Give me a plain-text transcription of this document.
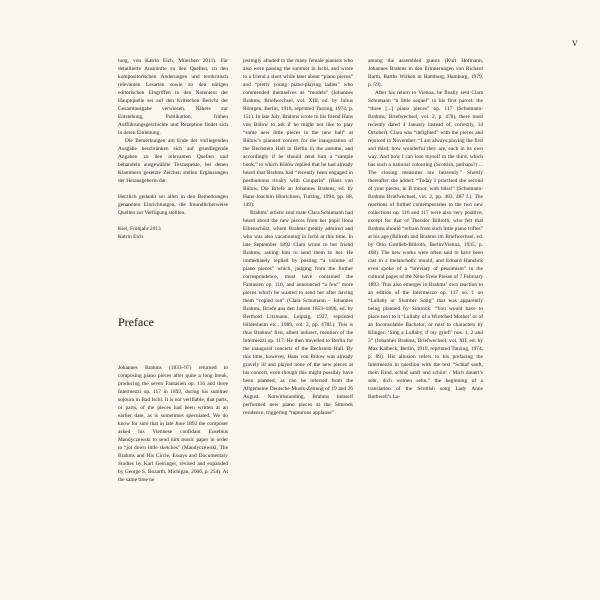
V

lung, von Katrin Eich, München 2011). Für detaillierte Auskünfte zu den Quellen, zu den kompositorischen Änderungen und textkritisch relevanten Lesarten sowie zu den nötigen editorischen Eingriffen in den Notentext der Hauptquelle sei auf den Kritischen Bericht der Gesamtausgabe verwiesen. Nähere zur Entstehung, Publikation, frühen Aufführungsgeschichte und Rezeption findet sich in deren Einleitung.

Die Bemerkungen am Ende der vorliegenden Ausgabe beschränken sich auf grundlegende Angaben zu den relevanten Quellen und behandeln ausgewählte Textaspekte, bei denen Klammern gesetzte Zeichen stellen Ergänzungen der Herausgeberin dar.

Herzlich gedankt sei allen in den Bemerkungen genannten Einrichtungen, die freundlicherweise Quellen zur Verfügung stellten.

Kiel, Frühjahr 2013
Katrin Eich
Preface

Johannes Brahms (1833–97) returned to composing piano pieces after quite a long break, producing the seven Fantasien op. 116 and three Intermezzi op. 117 in 1892, during his summer sojourn in Bad Ischl. It is not verifiable, that parts, or parts, of the pieces had been written at an earlier date, as is sometimes speculated. We do know for sure that in late June 1892 the composer asked his Viennese confidant Eusebius Mandyczewski to send him music paper in order to “jot down little sketches” (Mandyczewski, The Brahms and His Circle, Essays and Documentary Studies by Karl Geiringer, revised and expanded by George S. Bozarth, Michigan, 2006, p. 254). At the same time he

jestingly alluded to the many female pianists who also were passing the summer in Ischl, and wrote to a friend a short while later about “piano pieces” and “pretty young piano-playing ladies” who commended themselves as “models” (Johannes Brahms, Briefwechsel, vol. XIII, ed. by Julius Röntgen, Berlin, 1918, reprinted Tutzing, 1974, p. 151). In late July, Brahms wrote to his friend Hans von Bülow to ask if he might not like to play “some new little pieces in the new hall” at Bülow’s planned concert for the inauguration of the Bechstein Hall in Berlin in the autumn, and accordingly if he should send him a “sample book,” to which Bülow replied that he had already heard that Brahms had “recently been engaged in posthumous rivalry with Couperin” (Hans von Bülow, Die Briefe an Johannes Brahms, ed. by Hans-Joachim Hinrichsen, Tutzing, 1994, pp. 88, 149).

Brahms’ artistic soul mate Clara Schumann had heard about the new pieces from her pupil Ilona Eibenschütz, whom Brahms greatly admired and who was also vacationing in Ischl at this time. In late September 1892 Clara wrote to her friend Brahms, asking him to send them to her. He immediately replied by posting “a volume of piano pieces” which, judging from the further correspondence, must have contained the Fantasien op. 116, and announced “a few” more pieces which he wanted to send her after having them “copied out” (Clara Schumann – Johannes Brahms, Briefe aus den Jahren 1853–1896, ed. by Berthold Litzmann, Leipzig, 1927, reprinted Hildesheim etc., 1989, vol. 2, pp. 478f.). This is thus Brahms’ first, albeit indirect, mention of the Intermezzi op. 117. He then travelled to Berlin for the inaugural concerts of the Bechstein Hall. By this time, however, Hans von Bülow was already gravely ill and played none of the new pieces at his concert, even though this might possibly have been planned, as can be inferred from the Allgemeine Deutsche Musik-Zeitung of 19 and 26 August. Notwithstanding, Brahms himself performed new piano pieces at the Simrock residence, triggering “rapturous applause”

among the assembled guests (Kurt Hofmann, Johannes Brahms in den Erinnerungen von Richard Barth, Barths Wirken in Hamburg, Hamburg, 1979, p. 59).

After his return to Vienna, he finally sent Clara Schumann “a little sequel” to his first parcel: the “three [...] piano pieces” op. 117 (Schumann-Brahms, Briefwechsel, vol. 2, p. 478), there most recently dated 4 January instead of, correctly, 14 October). Clara was “delighted” with the pieces and rejoiced in November: “I am always playing the first and third; how wonderful they are, each in its own way. And how I can lose myself in the third, which has such a national colouring (Scottish, perhaps?) ... The closing measures are heavenly.” Shortly thereafter she added: “Today I practised the second of your pieces, in B minor, with bliss!” (Schumann-Brahms Briefwechsel, vol. 2, pp. 483, 487 f.). The reactions of further contemporaries to the two new collections op. 116 and 117 were also very positive, except for that of Theodor Billroth, who felt that Brahms should “refrain from such little piano trifles” at his age (Billroth and Brahms im Briefwechsel, ed. by Otto Gottlieb-Billroth, Berlin/Vienna, 1935, p. 468). The new works were often said to have been cast in a melancholic mould, and Eduard Hanslick even spoke of a “breviary of pessimism” in the cultural pages of the Neue Freie Presse of 7 February 1893. This also emerges in Brahms’ own reaction to an edition of the Intermezzo op. 117 no. 1 on “Lullaby or Slumber Song” that was apparently being planned by Simrock: “You would have to place next to it ‘Lullaby of a Wretched Mother’ or of an Inconsolable Bachelor, or next to characters by Klinger: ‘Sing a Lullaby, if my grief!’ nos. 1, 2 and 3” (Johannes Brahms, Briefwechsel, vol. XII, ed. by Max Kalbeck, Berlin, 1919, reprinted Tutzing, 1974, p. 89). His allusion refers to his prefacing the Intermezzo in question with the text “Schlaf sanft, mein Kind, schlaf sanft und schön! / Mich dauert’s sehr, dich weinen sehn,” the beginning of a translation of the Scottish song Lady Anne Bothwell’s La-
